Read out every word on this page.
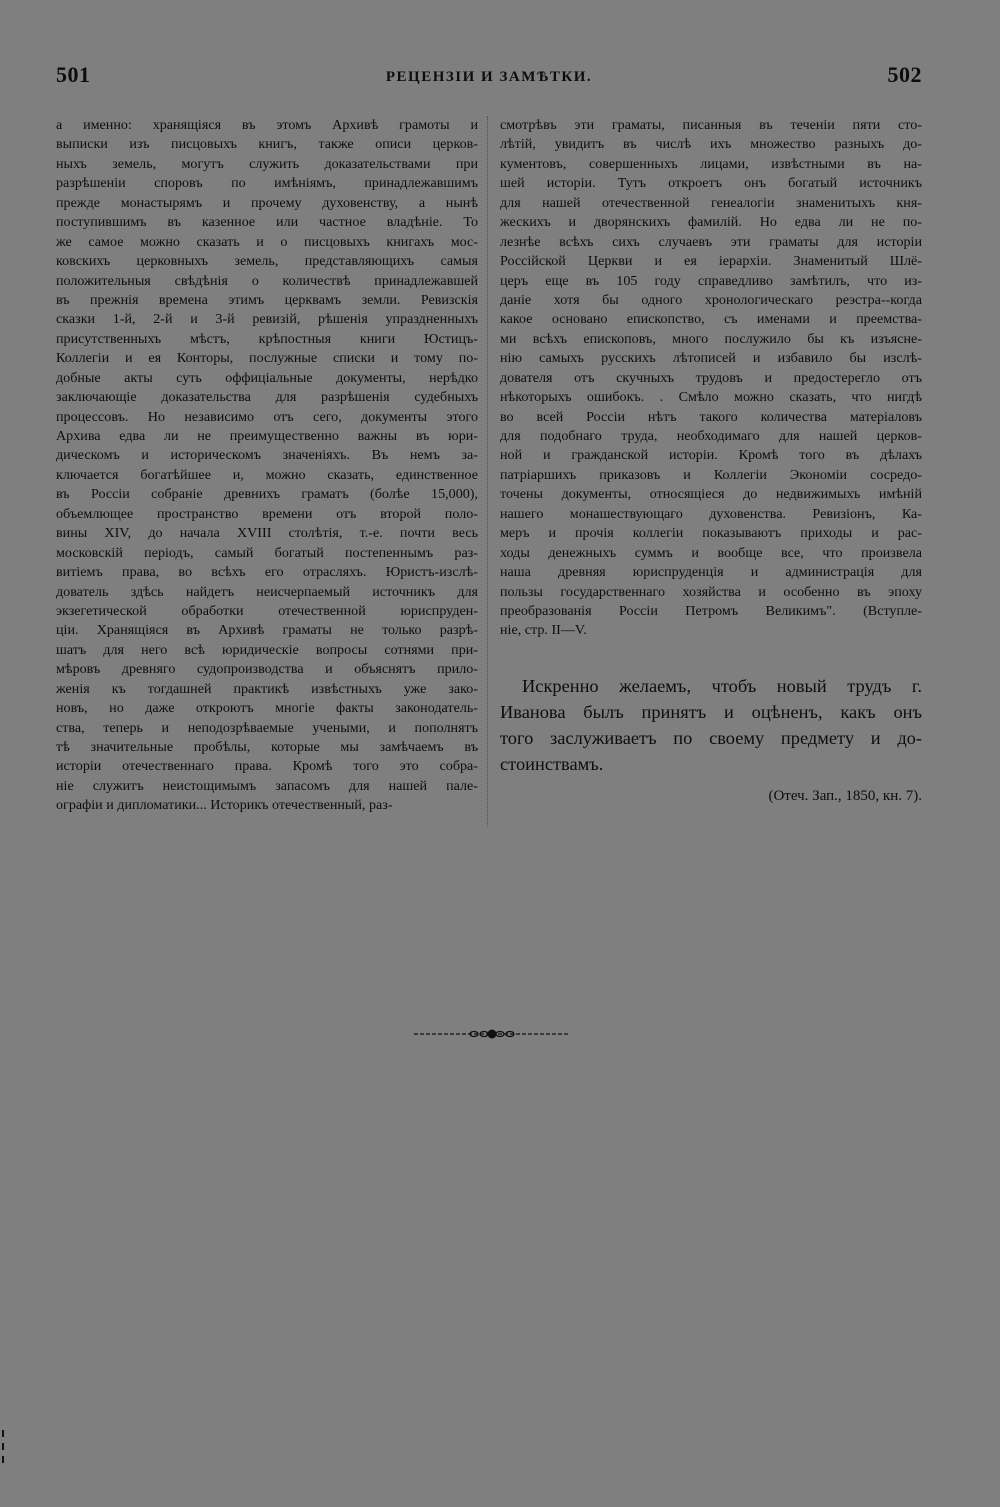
501	РЕЦЕНЗІИ И ЗАМѢТКИ.	502
а именно: хранящіяся въ этомъ Архивѣ грамоты и
выписки изъ писцовыхъ книгъ, также описи церков-
ныхъ земель, могутъ служить доказательствами при
разрѣшеніи споровъ по имѣніямъ, принадлежавшимъ
прежде монастырямъ и прочему духовенству, а нынѣ
поступившимъ въ казенное или частное владѣніе. То
же самое можно сказать и о писцовыхъ книгахъ мос-
ковскихъ церковныхъ земель, представляющихъ самыя
положительныя свѣдѣнія о количествѣ принадлежавшей
въ прежнія времена этимъ церквамъ земли. Ревизскія
сказки 1-й, 2-й и 3-й ревизій, рѣшенія упраздненныхъ
присутственныхъ мѣстъ, крѣпостныя книги Юстицъ-
Коллегіи и ея Конторы, послужные списки и тому по-
добные акты суть оффиціальные документы, нерѣдко
заключающіе доказательства для разрѣшенія судебныхъ
процессовъ. Но независимо отъ сего, документы этого
Архива едва ли не преимущественно важны въ юри-
дическомъ и историческомъ значеніяхъ. Въ немъ за-
ключается богатѣйшее и, можно сказать, единственное
въ Россіи собраніе древнихъ граматъ (болѣе 15,000),
объемлющее пространство времени отъ второй поло-
вины XIV, до начала XVIII столѣтія, т.-е. почти весь
московскій періодъ, самый богатый постепеннымъ раз-
витіемъ права, во всѣхъ его отрасляхъ. Юристъ-изслѣ-
дователь здѣсь найдетъ неисчерпаемый источникъ для
экзегетической обработки отечественной юриспруден-
ціи. Хранящіяся въ Архивѣ граматы не только разрѣ-
шатъ для него всѣ юридическіе вопросы сотнями при-
мѣровъ древняго судопроизводства и объяснятъ прило-
женія къ тогдашней практикѣ извѣстныхъ уже зако-
новъ, но даже откроютъ многіе факты законодатель-
ства, теперь и неподозрѣваемые учеными, и пополнятъ
тѣ значительные пробѣлы, которые мы замѣчаемъ въ
исторіи отечественнаго права. Кромѣ того это собра-
ніе служитъ неистощимымъ запасомъ для нашей пале-
ографіи и дипломатики... Историкъ отечественный, раз-
смотрѣвъ эти граматы, писанныя въ теченіи пяти сто-
лѣтій, увидитъ въ числѣ ихъ множество разныхъ до-
кументовъ, совершенныхъ лицами, извѣстными въ на-
шей исторіи. Тутъ откроетъ онъ богатый источникъ
для нашей отечественной генеалогіи знаменитыхъ кня-
жескихъ и дворянскихъ фамилій. Но едва ли не по-
лезнѣе всѣхъ сихъ случаевъ эти граматы для исторіи
Россійской Церкви и ея іерархіи. Знаменитый Шлё-
церъ еще въ 105 году справедливо замѣтилъ, что из-
даніе хотя бы одного хронологическаго реэстра--когда
какое основано епископство, съ именами и преемства-
ми всѣхъ епископовъ, много послужило бы къ изъясне-
нію самыхъ русскихъ лѣтописей и избавило бы изслѣ-
дователя отъ скучныхъ трудовъ и предостерегло отъ
нѣкоторыхъ ошибокъ. . Смѣло можно сказать, что нигдѣ
во всей Россіи нѣтъ такого количества матеріаловъ
для подобнаго труда, необходимаго для нашей церков-
ной и гражданской исторіи. Кромѣ того въ дѣлахъ
патріаршихъ приказовъ и Коллегіи Экономіи сосредо-
точены документы, относящіеся до недвижимыхъ имѣній
нашего монашествующаго духовенства. Ревизіонъ, Ка-
меръ и прочія коллегіи показываютъ приходы и рас-
ходы денежныхъ суммъ и вообще все, что произвела
наша древняя юриспруденція и администрація для
пользы государственнаго хозяйства и особенно въ эпоху
преобразованія Россіи Петромъ Великимъ". (Вступле-
ніе, стр. II—V.
Искренно желаемъ, чтобъ новый трудъ г.
Иванова былъ принятъ и оцѣненъ, какъ онъ
того заслуживаетъ по своему предмету и до-
стоинствамъ.
(Отеч. Зап., 1850, кн. 7).
